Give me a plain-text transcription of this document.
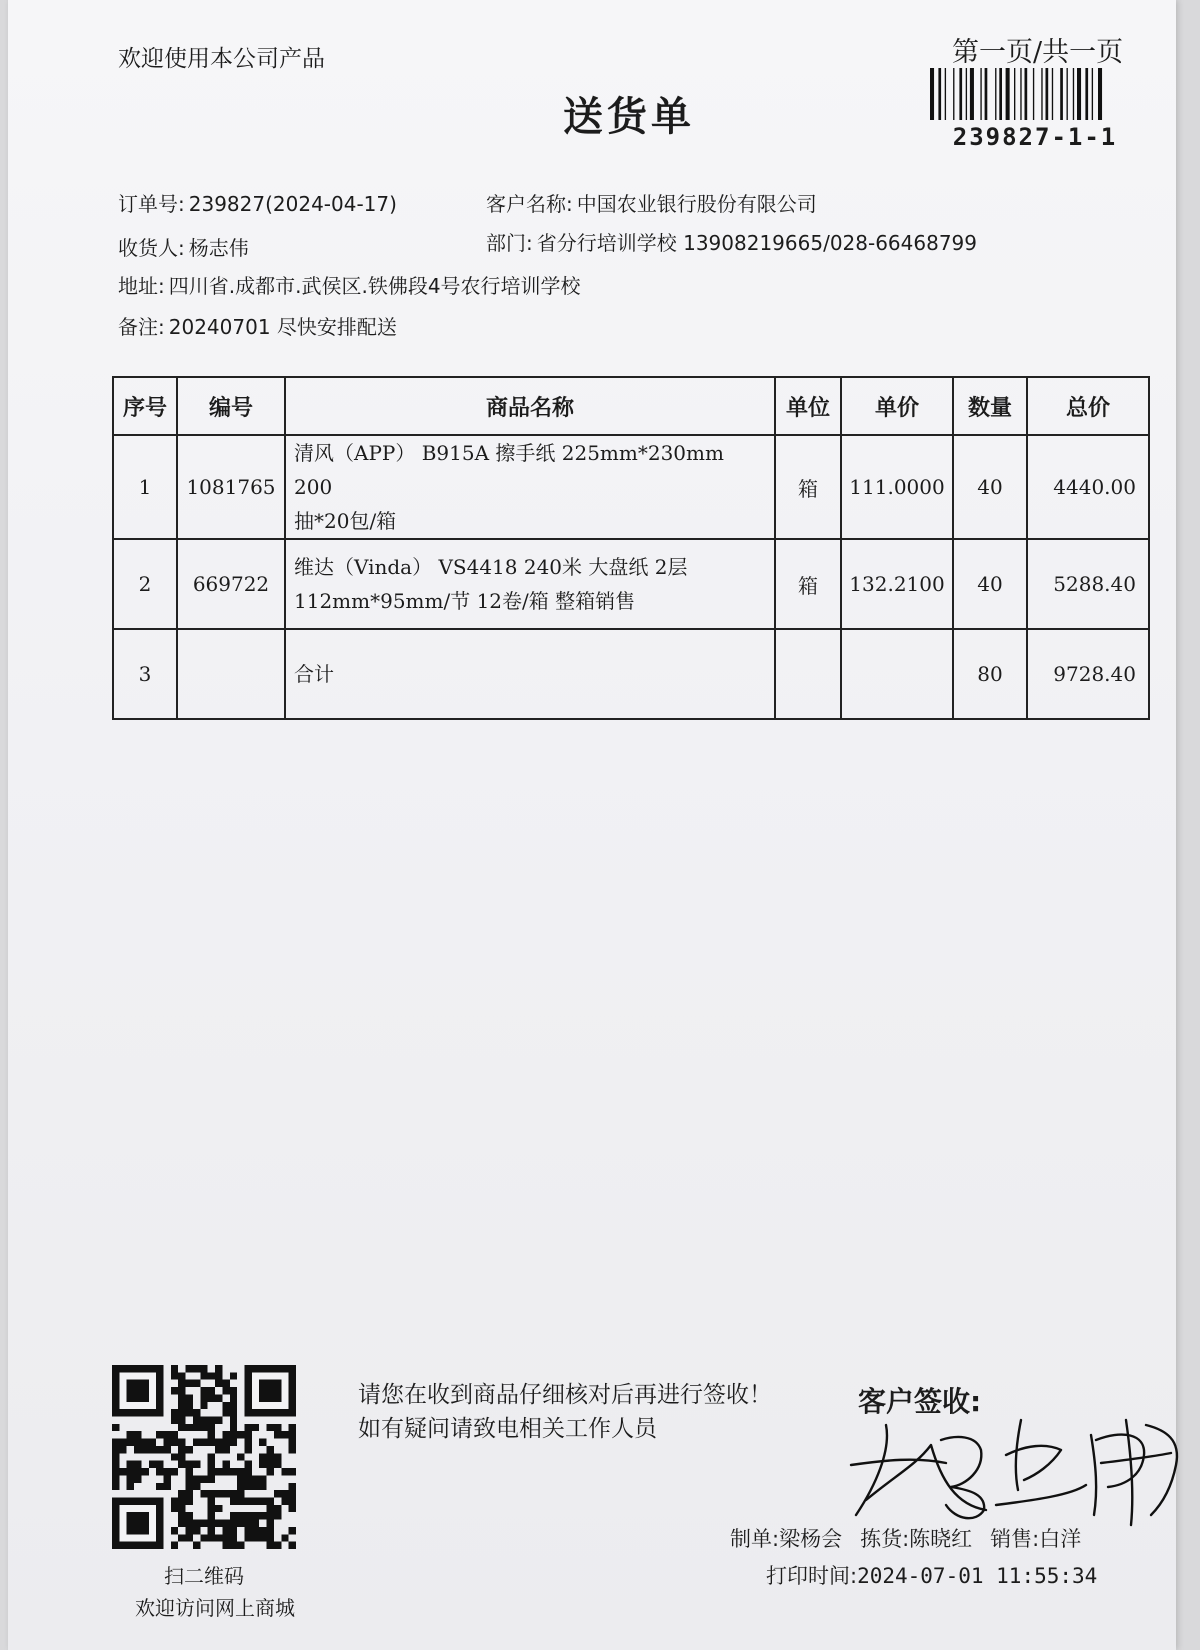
欢迎使用本公司产品	第一页/共一页
239827-1-1
送货单
订单号: 239827(2024-04-17)	客户名称: 中国农业银行股份有限公司
收货人: 杨志伟	部门: 省分行培训学校 13908219665/028-66468799
地址: 四川省.成都市.武侯区.铁佛段4号农行培训学校
备注: 20240701 尽快安排配送
序号	编号	商品名称	单位	单价	数量	总价
1	1081765	清风（APP） B915A 擦手纸 225mm*230mm 200
抽*20包/箱	箱	111.0000	40	4440.00
2	669722	维达（Vinda） VS4418 240米 大盘纸 2层
112mm*95mm/节 12卷/箱 整箱销售	箱	132.2100	40	5288.40
3		合计			80	9728.40
扫二维码
欢迎访问网上商城
请您在收到商品仔细核对后再进行签收！如有疑问请致电相关工作人员
客户签收:
制单:梁杨会 拣货:陈晓红 销售:白洋
打印时间:2024-07-01 11:55:34
